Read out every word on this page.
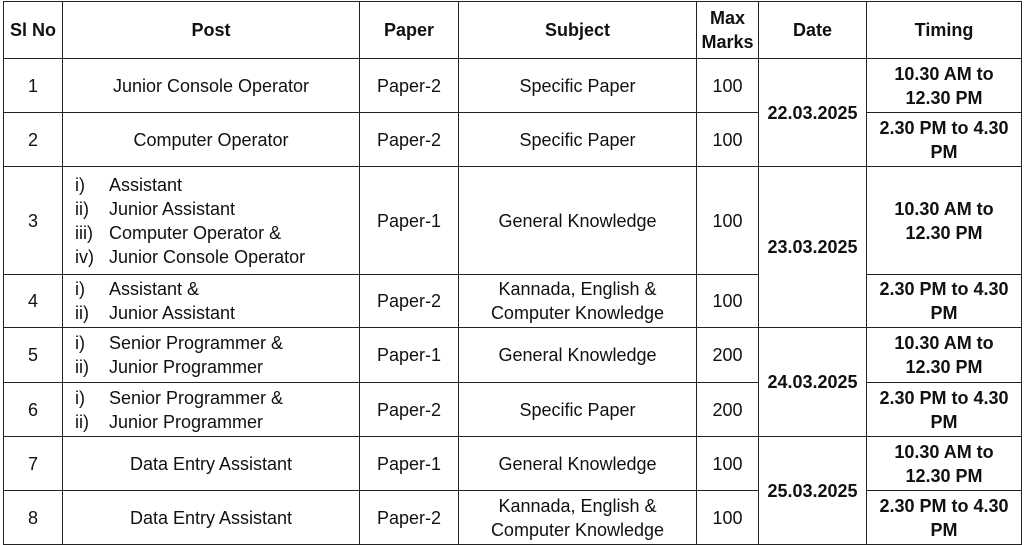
Sl No	Post	Paper	Subject	Max Marks	Date	Timing
1	Junior Console Operator	Paper-2	Specific Paper	100	22.03.2025	10.30 AM to 12.30 PM
2	Computer Operator	Paper-2	Specific Paper	100		2.30 PM to 4.30 PM
3	i) Assistant
ii) Junior Assistant
iii) Computer Operator &
iv) Junior Console Operator	Paper-1	General Knowledge	100	23.03.2025	10.30 AM to 12.30 PM
4	i) Assistant &
ii) Junior Assistant	Paper-2	Kannada, English & Computer Knowledge	100		2.30 PM to 4.30 PM
5	i) Senior Programmer &
ii) Junior Programmer	Paper-1	General Knowledge	200	24.03.2025	10.30 AM to 12.30 PM
6	i) Senior Programmer &
ii) Junior Programmer	Paper-2	Specific Paper	200		2.30 PM to 4.30 PM
7	Data Entry Assistant	Paper-1	General Knowledge	100	25.03.2025	10.30 AM to 12.30 PM
8	Data Entry Assistant	Paper-2	Kannada, English & Computer Knowledge	100		2.30 PM to 4.30 PM
